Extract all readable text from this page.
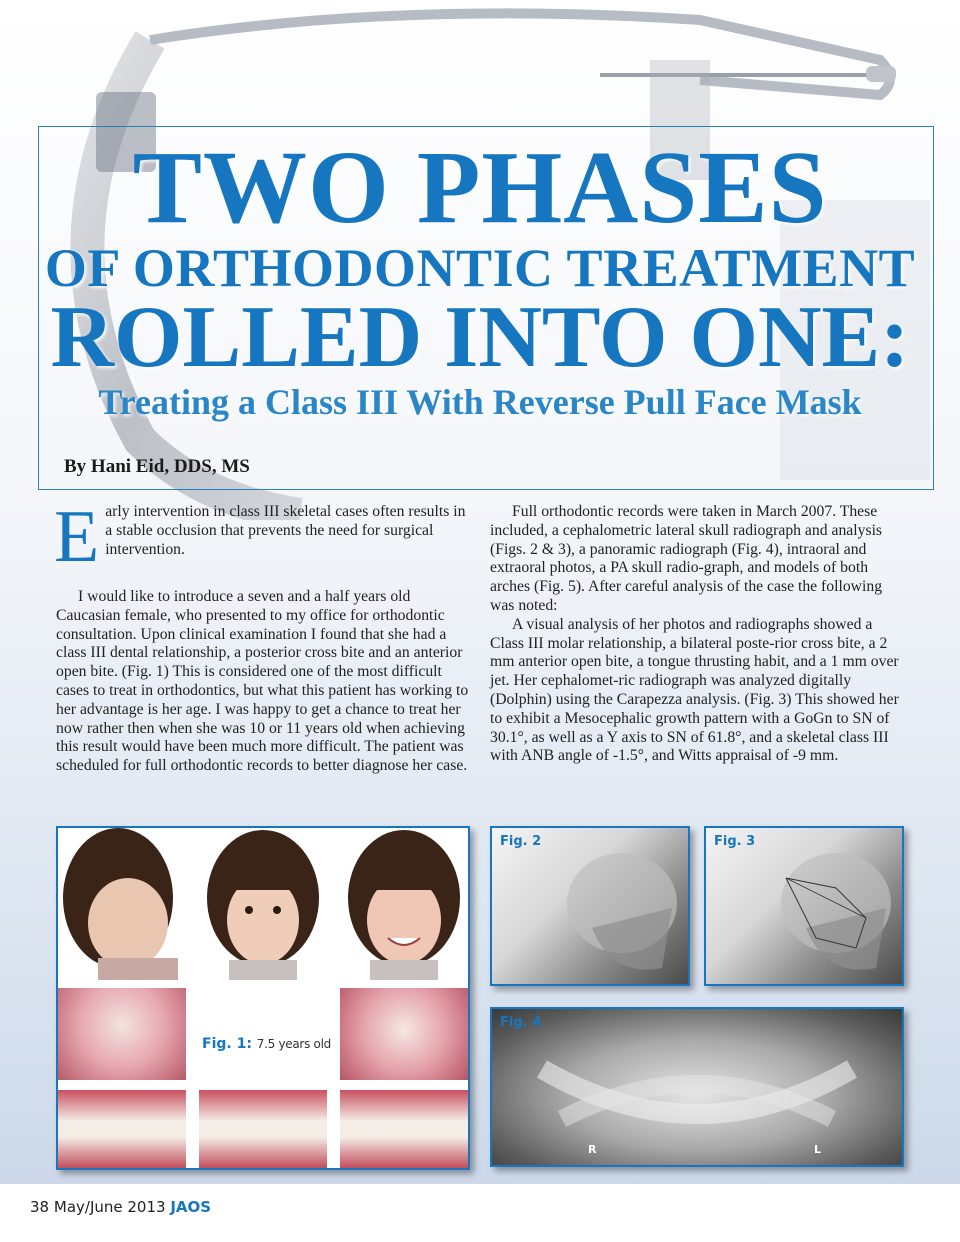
TWO PHASES
OF ORTHODONTIC TREATMENT
ROLLED INTO ONE:
Treating a Class III With Reverse Pull Face Mask
By Hani Eid, DDS, MS

Early intervention in class III skeletal cases often results in a stable occlusion that prevents the need for surgical intervention.

I would like to introduce a seven and a half years old Caucasian female, who presented to my office for orthodontic consultation. Upon clinical examination I found that she had a class III dental relationship, a posterior cross bite and an anterior open bite. (Fig. 1) This is considered one of the most difficult cases to treat in orthodontics, but what this patient has working to her advantage is her age. I was happy to get a chance to treat her now rather then when she was 10 or 11 years old when achieving this result would have been much more difficult. The patient was scheduled for full orthodontic records to better diagnose her case.

Full orthodontic records were taken in March 2007. These included, a cephalometric lateral skull radiograph and analysis (Figs. 2 & 3), a panoramic radiograph (Fig. 4), intraoral and extraoral photos, a PA skull radio-graph, and models of both arches (Fig. 5). After careful analysis of the case the following was noted:

A visual analysis of her photos and radiographs showed a Class III molar relationship, a bilateral poste-rior cross bite, a 2 mm anterior open bite, a tongue thrusting habit, and a 1 mm over jet. Her cephalomet-ric radiograph was analyzed digitally (Dolphin) using the Carapezza analysis. (Fig. 3) This showed her to exhibit a Mesocephalic growth pattern with a GoGn to SN of 30.1°, as well as a Y axis to SN of 61.8°, and a skeletal class III with ANB angle of -1.5°, and Witts appraisal of -9 mm.

Fig. 1: 7.5 years old
Fig. 2	Fig. 3
Fig. 4
R	L
38 May/June 2013 JAOS
